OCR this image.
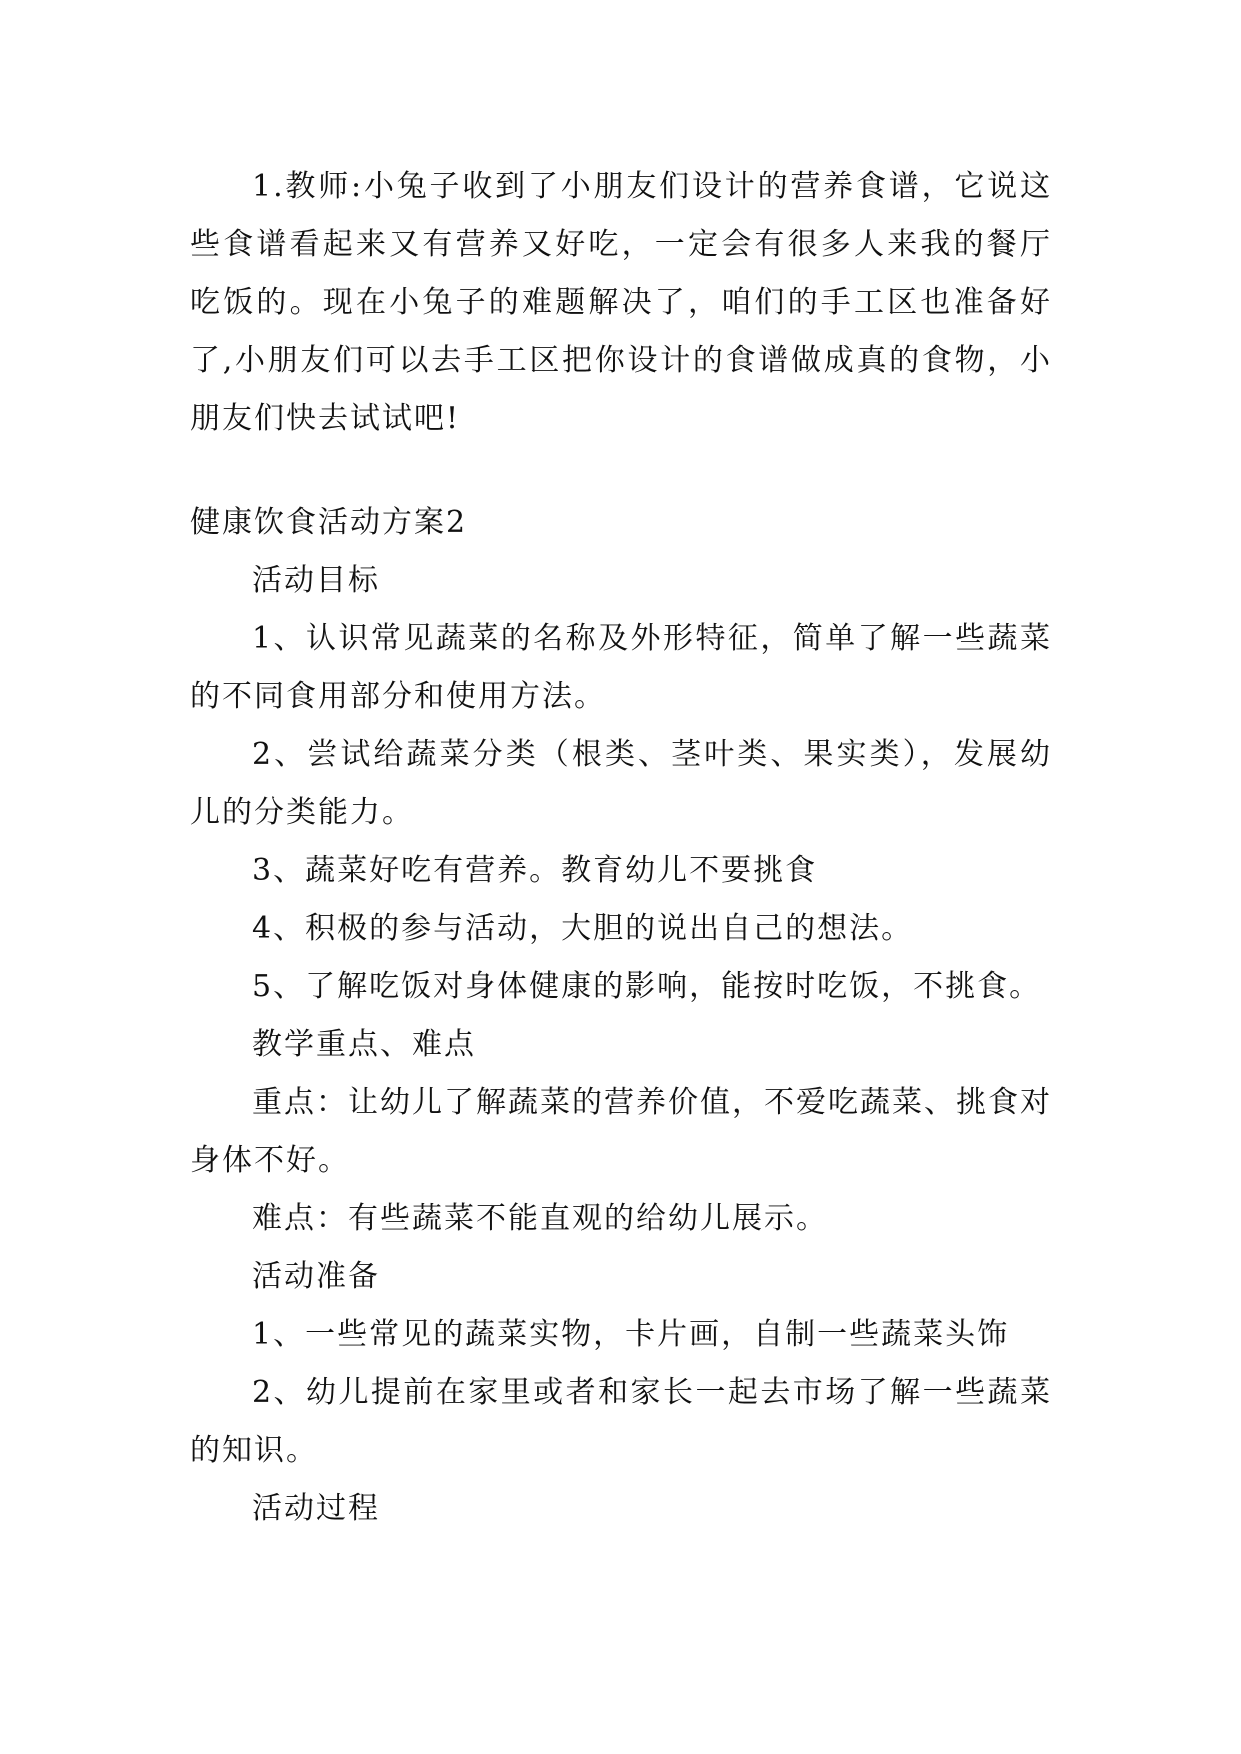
1.教师:小兔子收到了小朋友们设计的营养食谱，它说这些食谱看起来又有营养又好吃，一定会有很多人来我的餐厅吃饭的。现在小兔子的难题解决了，咱们的手工区也准备好了,小朋友们可以去手工区把你设计的食谱做成真的食物，小朋友们快去试试吧!

健康饮食活动方案2

活动目标

1、认识常见蔬菜的名称及外形特征，简单了解一些蔬菜的不同食用部分和使用方法。

2、尝试给蔬菜分类（根类、茎叶类、果实类），发展幼儿的分类能力。

3、蔬菜好吃有营养。教育幼儿不要挑食

4、积极的参与活动，大胆的说出自己的想法。

5、了解吃饭对身体健康的影响，能按时吃饭，不挑食。

教学重点、难点

重点：让幼儿了解蔬菜的营养价值，不爱吃蔬菜、挑食对身体不好。

难点：有些蔬菜不能直观的给幼儿展示。

活动准备

1、一些常见的蔬菜实物，卡片画，自制一些蔬菜头饰

2、幼儿提前在家里或者和家长一起去市场了解一些蔬菜的知识。

活动过程
